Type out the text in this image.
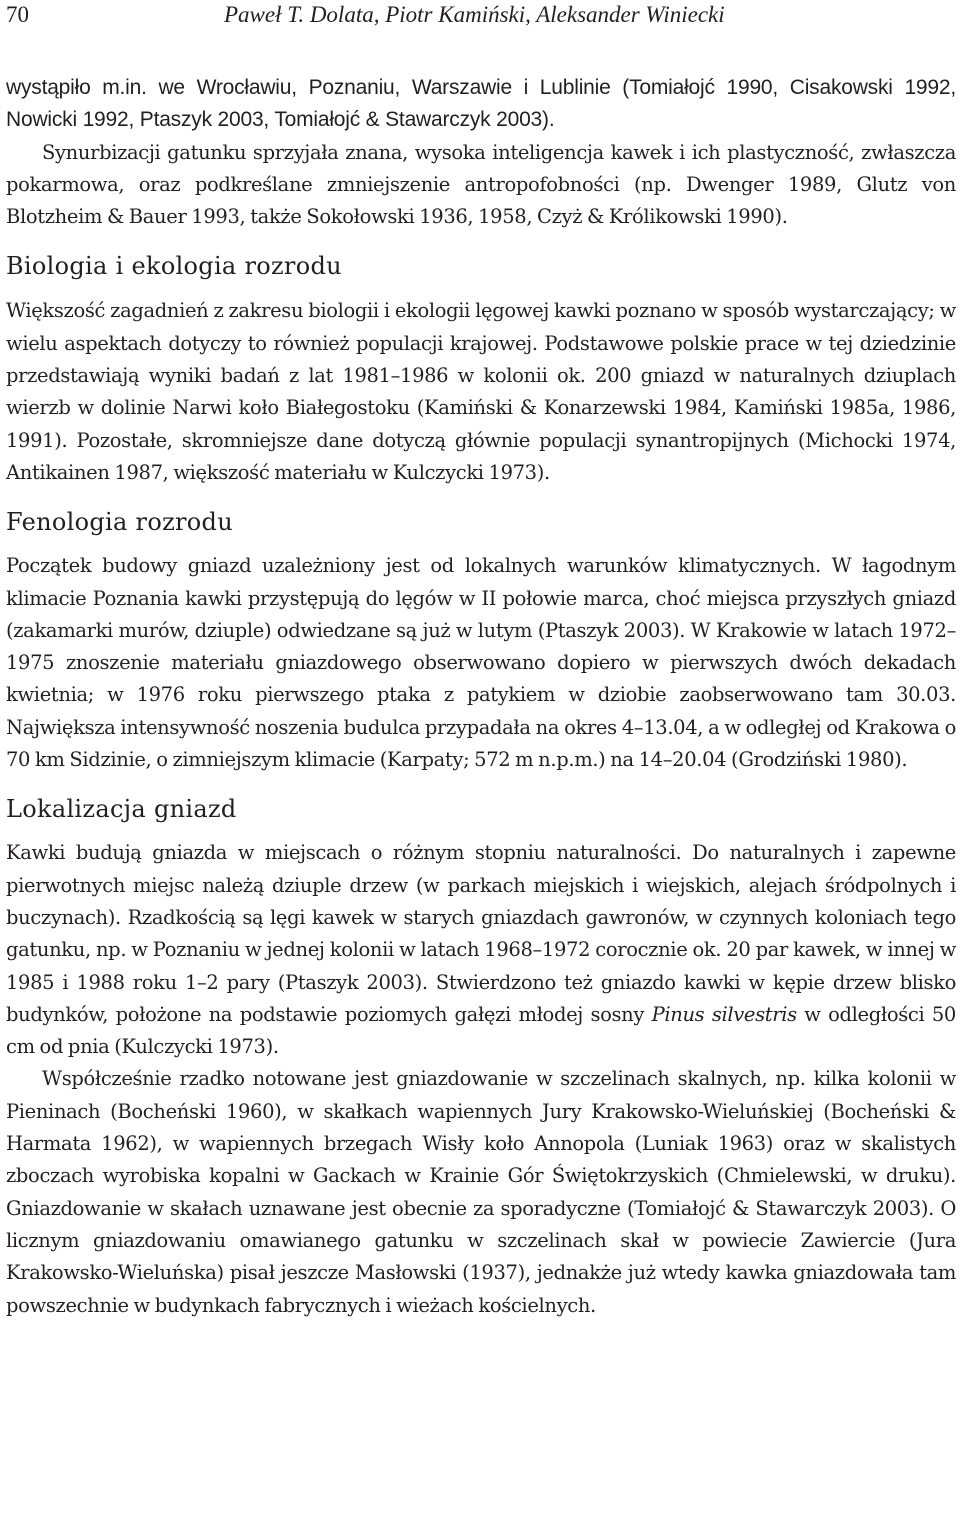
70	Paweł T. Dolata, Piotr Kamiński, Aleksander Winiecki

wystąpiło m.in. we Wrocławiu, Poznaniu, Warszawie i Lublinie (Tomiałojć 1990, Cisakowski 1992, Nowicki 1992, Ptaszyk 2003, Tomiałojć & Stawarczyk 2003).

Synurbizacji gatunku sprzyjała znana, wysoka inteligencja kawek i ich plastyczność, zwłaszcza pokarmowa, oraz podkreślane zmniejszenie antropofobności (np. Dwenger 1989, Glutz von Blotzheim & Bauer 1993, także Sokołowski 1936, 1958, Czyż & Królikowski 1990).

Biologia i ekologia rozrodu

Większość zagadnień z zakresu biologii i ekologii lęgowej kawki poznano w sposób wystarczający; w wielu aspektach dotyczy to również populacji krajowej. Podstawowe polskie prace w tej dziedzinie przedstawiają wyniki badań z lat 1981–1986 w kolonii ok. 200 gniazd w naturalnych dziuplach wierzb w dolinie Narwi koło Białegostoku (Kamiński & Konarzewski 1984, Kamiński 1985a, 1986, 1991). Pozostałe, skromniejsze dane dotyczą głównie populacji synantropijnych (Michocki 1974, Antikainen 1987, większość materiału w Kulczycki 1973).

Fenologia rozrodu

Początek budowy gniazd uzależniony jest od lokalnych warunków klimatycznych. W łagodnym klimacie Poznania kawki przystępują do lęgów w II połowie marca, choć miejsca przyszłych gniazd (zakamarki murów, dziuple) odwiedzane są już w lutym (Ptaszyk 2003). W Krakowie w latach 1972–1975 znoszenie materiału gniazdowego obserwowano dopiero w pierwszych dwóch dekadach kwietnia; w 1976 roku pierwszego ptaka z patykiem w dziobie zaobserwowano tam 30.03. Największa intensywność noszenia budulca przypadała na okres 4–13.04, a w odległej od Krakowa o 70 km Sidzinie, o zimniejszym klimacie (Karpaty; 572 m n.p.m.) na 14–20.04 (Grodziński 1980).

Lokalizacja gniazd

Kawki budują gniazda w miejscach o różnym stopniu naturalności. Do naturalnych i zapewne pierwotnych miejsc należą dziuple drzew (w parkach miejskich i wiejskich, alejach śródpolnych i buczynach). Rzadkością są lęgi kawek w starych gniazdach gawronów, w czynnych koloniach tego gatunku, np. w Poznaniu w jednej kolonii w latach 1968–1972 corocznie ok. 20 par kawek, w innej w 1985 i 1988 roku 1–2 pary (Ptaszyk 2003). Stwierdzono też gniazdo kawki w kępie drzew blisko budynków, położone na podstawie poziomych gałęzi młodej sosny Pinus silvestris w odległości 50 cm od pnia (Kulczycki 1973).

Współcześnie rzadko notowane jest gniazdowanie w szczelinach skalnych, np. kilka kolonii w Pieninach (Bocheński 1960), w skałkach wapiennych Jury Krakowsko-Wieluńskiej (Bocheński & Harmata 1962), w wapiennych brzegach Wisły koło Annopola (Luniak 1963) oraz w skalistych zboczach wyrobiska kopalni w Gackach w Krainie Gór Świętokrzyskich (Chmielewski, w druku). Gniazdowanie w skałach uznawane jest obecnie za sporadyczne (Tomiałojć & Stawarczyk 2003). O licznym gniazdowaniu omawianego gatunku w szczelinach skał w powiecie Zawiercie (Jura Krakowsko-Wieluńska) pisał jeszcze Masłowski (1937), jednakże już wtedy kawka gniazdowała tam powszechnie w budynkach fabrycznych i wieżach kościelnych.
